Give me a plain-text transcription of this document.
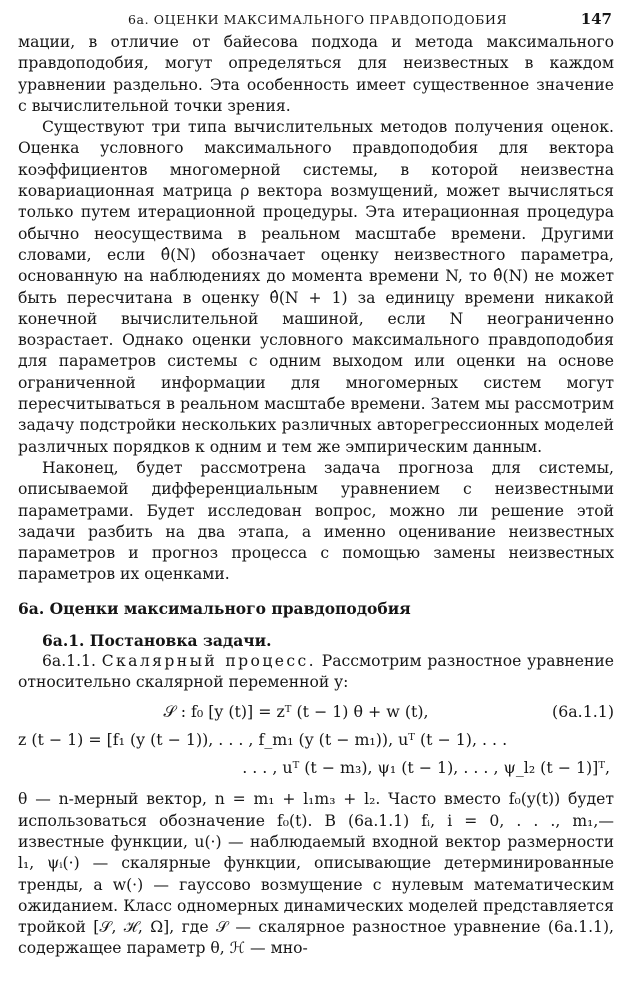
6а. ОЦЕНКИ МАКСИМАЛЬНОГО ПРАВДОПОДОБИЯ	147

мации, в отличие от байесова подхода и метода максимального правдоподобия, могут определяться для неизвестных в каждом уравнении раздельно. Эта особенность имеет существенное значение с вычислительной точки зрения.

Существуют три типа вычислительных методов получения оценок. Оценка условного максимального правдоподобия для вектора коэффициентов многомерной системы, в которой неизвестна ковариационная матрица ρ вектора возмущений, может вычисляться только путем итерационной процедуры. Эта итерационная процедура обычно неосуществима в реальном масштабе времени. Другими словами, если θ̂(N) обозначает оценку неизвестного параметра, основанную на наблюдениях до момента времени N, то θ̂(N) не может быть пересчитана в оценку θ̂(N + 1) за единицу времени никакой конечной вычислительной машиной, если N неограниченно возрастает. Однако оценки условного максимального правдоподобия для параметров системы с одним выходом или оценки на основе ограниченной информации для многомерных систем могут пересчитываться в реальном масштабе времени. Затем мы рассмотрим задачу подстройки нескольких различных авторегрессионных моделей различных порядков к одним и тем же эмпирическим данным.

Наконец, будет рассмотрена задача прогноза для системы, описываемой дифференциальным уравнением с неизвестными параметрами. Будет исследован вопрос, можно ли решение этой задачи разбить на два этапа, а именно оценивание неизвестных параметров и прогноз процесса с помощью замены неизвестных параметров их оценками.

6а. Оценки максимального правдоподобия
6а.1. Постановка задачи.

6а.1.1. Скалярный процесс. Рассмотрим разностное уравнение относительно скалярной переменной y:

𝒮 : f₀ [y (t)] = zᵀ (t − 1) θ + w (t),	(6а.1.1)
z (t − 1) = [f₁ (y (t − 1)), . . . , f_m₁ (y (t − m₁)), uᵀ (t − 1), . . .
. . . , uᵀ (t − m₃), ψ₁ (t − 1), . . . , ψ_l₂ (t − 1)]ᵀ,

θ — n-мерный вектор, n = m₁ + l₁m₃ + l₂. Часто вместо f₀(y(t)) будет использоваться обозначение f₀(t). В (6а.1.1) fᵢ, i = 0, . . ., m₁,— известные функции, u(·) — наблюдаемый входной вектор размерности l₁, ψᵢ(·) — скалярные функции, описывающие детерминированные тренды, а w(·) — гауссово возмущение с нулевым математическим ожиданием. Класс одномерных динамических моделей представляется тройкой [𝒮, ℋ, Ω], где 𝒮 — скалярное разностное уравнение (6а.1.1), содержащее параметр θ, ℋ — мно-
